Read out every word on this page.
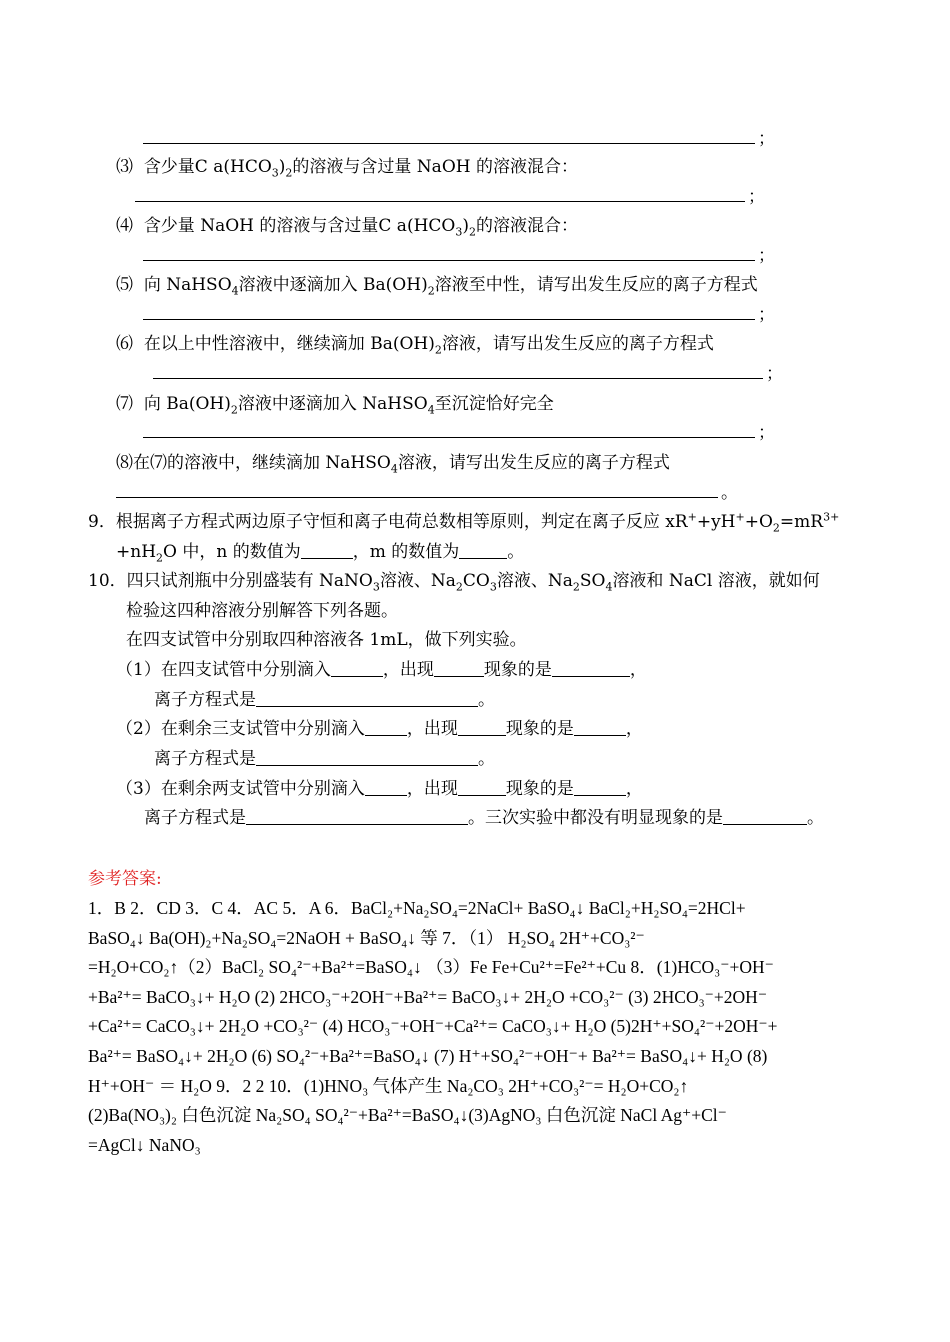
；
⑶ 含少量C $a(HCO_3)_2$的溶液与含过量 NaOH 的溶液混合：
；
⑷ 含少量 NaOH 的溶液与含过量C $a(HCO_3)_2$的溶液混合：
；
⑸ 向 NaHSO$_4$溶液中逐滴加入 $Ba(OH)_2$溶液至中性，请写出发生反应的离子方程式
；
⑹ 在以上中性溶液中，继续滴加 $Ba(OH)_2$溶液，请写出发生反应的离子方程式
；
⑺ 向 $Ba(OH)_2$溶液中逐滴加入 NaHSO$_4$至沉淀恰好完全
；
⑻在⑺的溶液中，继续滴加 NaHSO$_4$溶液，请写出发生反应的离子方程式
。
9．根据离子方程式两边原子守恒和离子电荷总数相等原则，判定在离子反应 $xR^++yH^++O_2=mR^{3+}$
$+nH_2O$ 中，n 的数值为	，m 的数值为	。
10．四只试剂瓶中分别盛装有 NaNO$_3$溶液、$Na_2CO_3$溶液、$Na_2SO_4$溶液和 NaCl 溶液，就如何
检验这四种溶液分别解答下列各题。
在四支试管中分别取四种溶液各 1mL，做下列实验。
（1）在四支试管中分别滴入	，出现	现象的是	，
离子方程式是	。
（2）在剩余三支试管中分别滴入 ，出现	现象的是	，
离子方程式是	。
（3）在剩余两支试管中分别滴入 ，出现	现象的是	，
离子方程式是	。三次实验中都没有明显现象的是	。
参考答案:
1．B 2．CD 3．C 4．AC 5．A 6．BaCl₂+Na₂SO₄=2NaCl+ BaSO₄↓ BaCl₂+H₂SO₄=2HCl+
BaSO₄↓ Ba(OH)₂+Na₂SO₄=2NaOH + BaSO₄↓ 等 7．（1） H₂SO₄ 2H⁺+CO₃²⁻
=H₂O+CO₂↑（2）BaCl₂ SO₄²⁻+Ba²⁺=BaSO₄↓ （3）Fe Fe+Cu²⁺=Fe²⁺+Cu 8．(1)HCO₃⁻+OH⁻
+Ba²⁺= BaCO₃↓+ H₂O (2) 2HCO₃⁻+2OH⁻+Ba²⁺= BaCO₃↓+ 2H₂O +CO₃²⁻ (3) 2HCO₃⁻+2OH⁻
+Ca²⁺= CaCO₃↓+ 2H₂O +CO₃²⁻ (4) HCO₃⁻+OH⁻+Ca²⁺= CaCO₃↓+ H₂O (5)2H⁺+SO₄²⁻+2OH⁻+
Ba²⁺= BaSO₄↓+ 2H₂O (6) SO₄²⁻+Ba²⁺=BaSO₄↓ (7) H⁺+SO₄²⁻+OH⁻+ Ba²⁺= BaSO₄↓+ H₂O (8)
H⁺+OH⁻ ＝ H₂O 9．2 2 10．(1)HNO₃ 气体产生 Na₂CO₃ 2H⁺+CO₃²⁻= H₂O+CO₂↑
(2)Ba(NO₃)₂ 白色沉淀 Na₂SO₄ SO₄²⁻+Ba²⁺=BaSO₄↓(3)AgNO₃ 白色沉淀 NaCl Ag⁺+Cl⁻
=AgCl↓ NaNO₃
